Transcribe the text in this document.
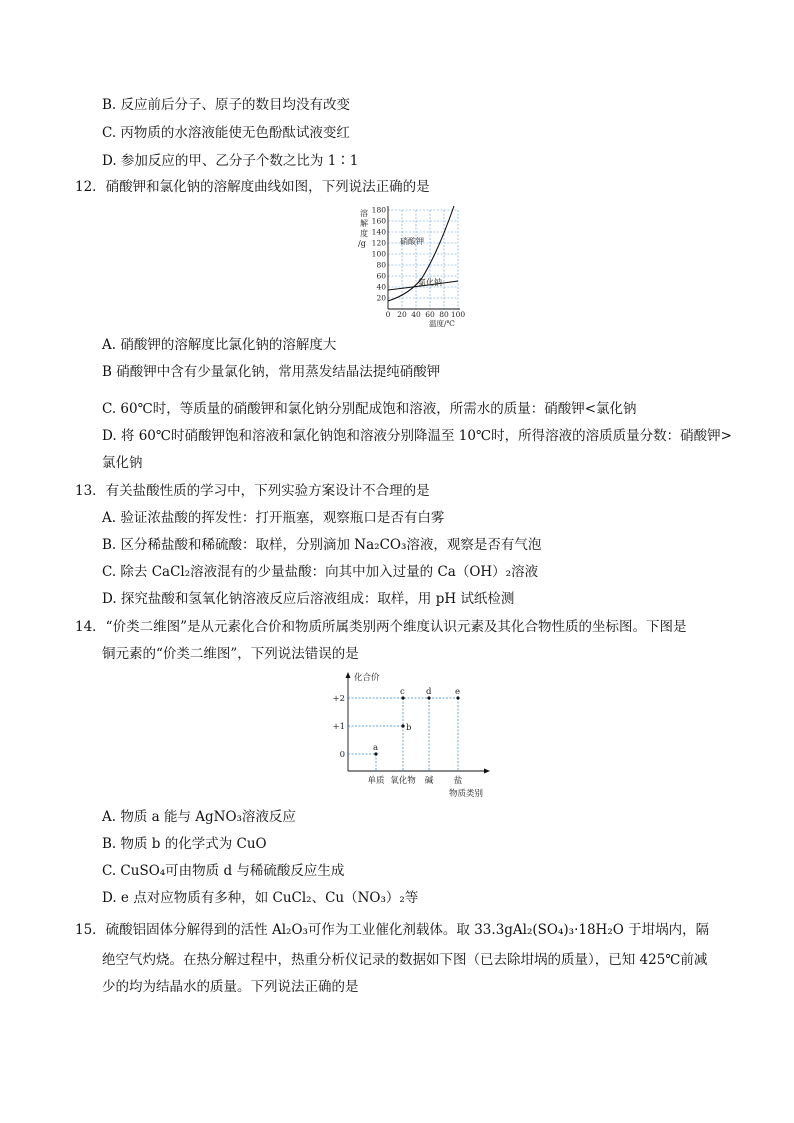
B. 反应前后分子、原子的数目均没有改变
C. 丙物质的水溶液能使无色酚酞试液变红
D. 参加反应的甲、乙分子个数之比为 1∶1
12．硝酸钾和氯化钠的溶解度曲线如图，下列说法正确的是
溶
解
度
/g
180
160
140
120
100
80
60
40
20
0 20 40 60 80 100
温度/℃
硝酸钾
氯化钠
A. 硝酸钾的溶解度比氯化钠的溶解度大
B 硝酸钾中含有少量氯化钠，常用蒸发结晶法提纯硝酸钾
C. 60℃时，等质量的硝酸钾和氯化钠分别配成饱和溶液，所需水的质量：硝酸钾<氯化钠
D. 将 60℃时硝酸钾饱和溶液和氯化钠饱和溶液分别降温至 10℃时，所得溶液的溶质质量分数：硝酸钾>
氯化钠
13．有关盐酸性质的学习中，下列实验方案设计不合理的是
A. 验证浓盐酸的挥发性：打开瓶塞，观察瓶口是否有白雾
B. 区分稀盐酸和稀硫酸：取样，分别滴加 Na₂CO₃溶液，观察是否有气泡
C. 除去 CaCl₂溶液混有的少量盐酸：向其中加入过量的 Ca（OH）₂溶液
D. 探究盐酸和氢氧化钠溶液反应后溶液组成：取样，用 pH 试纸检测
14．“价类二维图”是从元素化合价和物质所属类别两个维度认识元素及其化合物性质的坐标图。下图是
铜元素的“价类二维图”，下列说法错误的是
化合价
+2
+1
0
a
b
c d	e
单质 氧化物 碱 盐
物质类别
A. 物质 a 能与 AgNO₃溶液反应
B. 物质 b 的化学式为 CuO
C. CuSO₄可由物质 d 与稀硫酸反应生成
D. e 点对应物质有多种，如 CuCl₂、Cu（NO₃）₂等
15．硫酸铝固体分解得到的活性 Al₂O₃可作为工业催化剂载体。取 33.3gAl₂(SO₄)₃·18H₂O 于坩埚内，隔
绝空气灼烧。在热分解过程中，热重分析仪记录的数据如下图（已去除坩埚的质量），已知 425℃前减
少的均为结晶水的质量。下列说法正确的是
